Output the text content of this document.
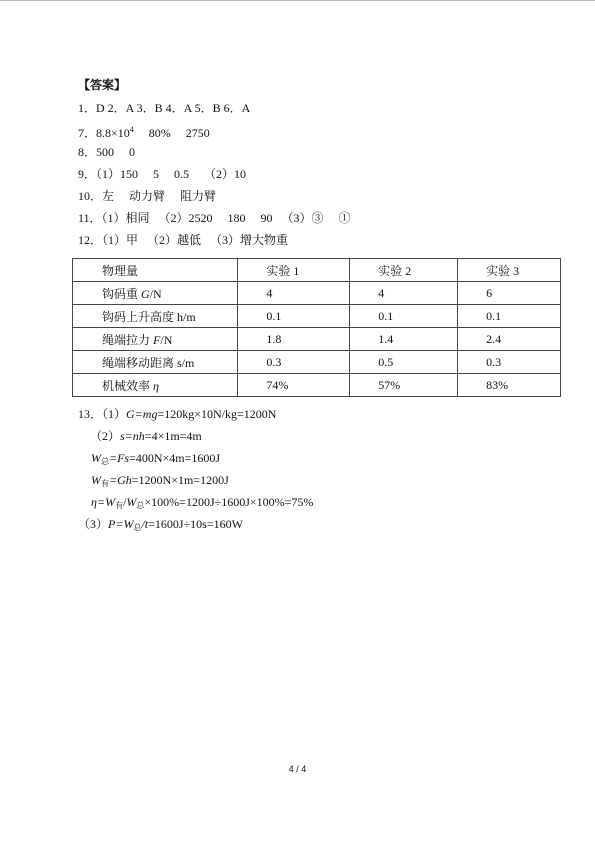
【答案】
1．D 2．A 3．B 4．A 5．B 6．A
7．$8.8\times 10^4$     80%     2750
8．500     0
9．（1）150     5     0.5     （2）10
10．左     动力臂     阻力臂
11．（1）相同   （2）2520     180     90   （3）③     ①
12．（1）甲   （2）越低   （3）增大物重
物理量	实验 1	实验 2	实验 3
钩码重 G/N	4	4	6
钩码上升高度 h/m	0.1	0.1	0.1
绳端拉力 F/N	1.8	1.4	2.4
绳端移动距离 s/m	0.3	0.5	0.3
机械效率 η	74%	57%	83%
13．（1）G=mg=120kg×10N/kg=1200N
（2）s=nh=4×1m=4m
$W_总=Fs=400N\times 4m=1600J$
$W_有=Gh=1200N\times 1m=1200J$
$\eta=W_有/W_总\times 100\%=1200J\div 1600J\times 100\%=75\%$
$(3)P=W_总/t=1600J\div 10s=160W$
4 / 4
